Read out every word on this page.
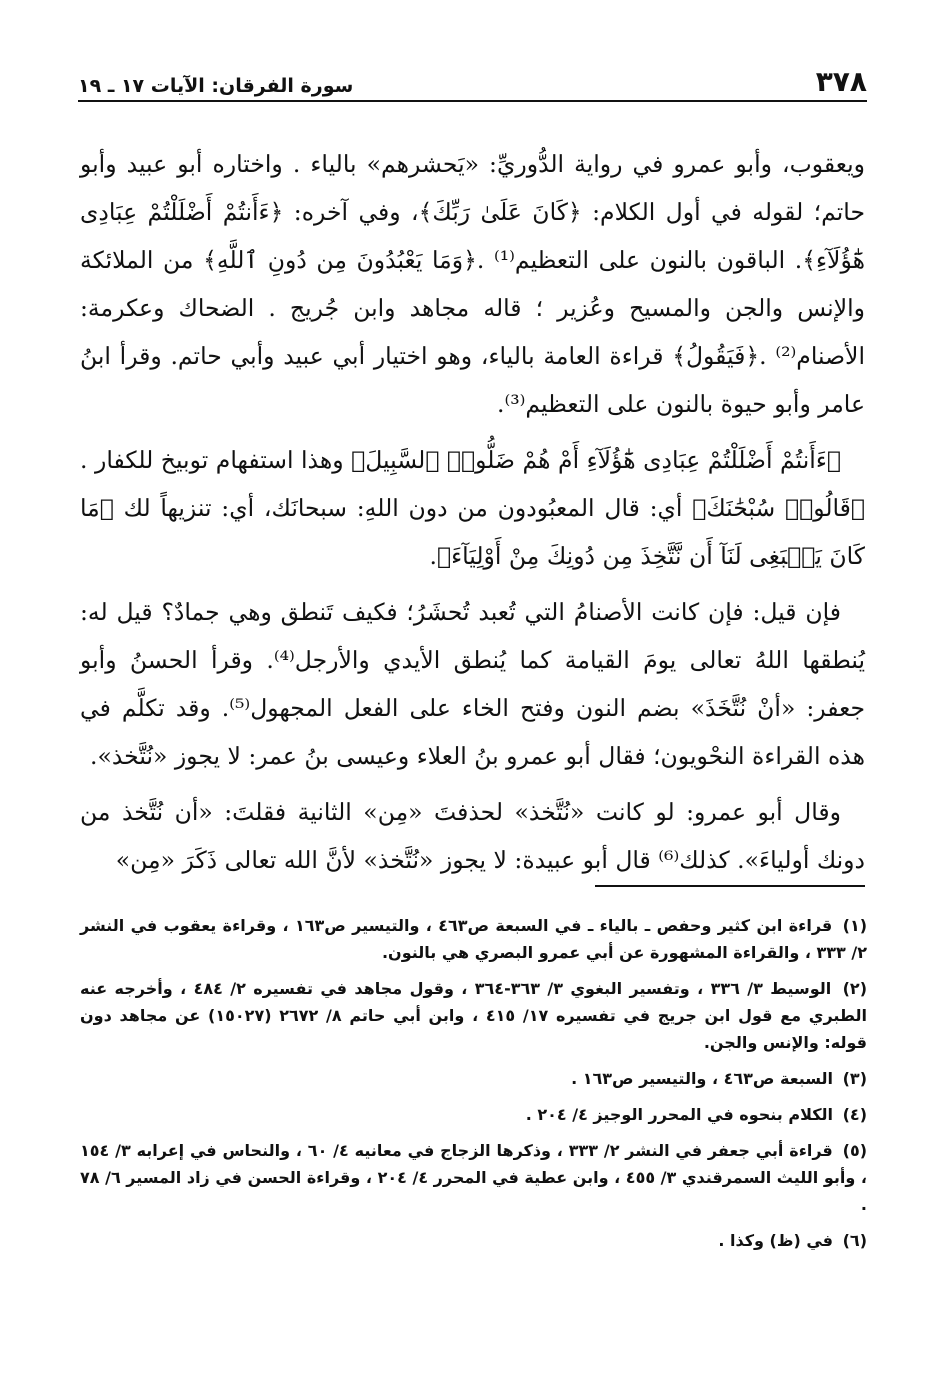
٣٧٨
سورة الفرقان: الآيات ١٧ ـ ١٩

ويعقوب، وأبو عمرو في رواية الدُّوريِّ: «يَحشرهم» بالياء . واختاره أبو عبيد وأبو حاتم؛ لقوله في أول الكلام: ﴿كَانَ عَلَىٰ رَبِّكَ﴾، وفي آخره: ﴿ءَأَنتُمْ أَضْلَلْتُمْ عِبَادِى هَٰٓؤُلَآءِ﴾. الباقون بالنون على التعظيم⁽¹⁾ .﴿وَمَا يَعْبُدُونَ مِن دُونِ ٱللَّهِ﴾ من الملائكة والإنس والجن والمسيح وعُزير ؛ قاله مجاهد وابن جُريج . الضحاك وعكرمة: الأصنام⁽²⁾ .﴿فَيَقُولُ﴾ قراءة العامة بالياء، وهو اختيار أبي عبيد وأبي حاتم. وقرأ ابنُ عامر وأبو حيوة بالنون على التعظيم⁽³⁾.

﴿ءَأَنتُمْ أَضْلَلْتُمْ عِبَادِى هَٰٓؤُلَآءِ أَمْ هُمْ ضَلُّوا۟ ٱلسَّبِيلَ﴾ وهذا استفهام توبيخ للكفار . ﴿قَالُوا۟ سُبْحَٰنَكَ﴾ أي: قال المعبُودون من دون اللهِ: سبحانَك، أي: تنزيهاً لك ﴿مَا كَانَ يَنۢبَغِى لَنَآ أَن نَّتَّخِذَ مِن دُونِكَ مِنْ أَوْلِيَآءَ﴾.

فإن قيل: فإن كانت الأصنامُ التي تُعبد تُحشَرُ؛ فكيف تَنطق وهي جمادٌ؟ قيل له: يُنطقها اللهُ تعالى يومَ القيامة كما يُنطق الأيدي والأرجل⁽⁴⁾. وقرأ الحسنُ وأبو جعفر: «أنْ نُتَّخَذَ» بضم النون وفتح الخاء على الفعل المجهول⁽⁵⁾. وقد تكلَّم في هذه القراءة النحْويون؛ فقال أبو عمرو بنُ العلاء وعيسى بنُ عمر: لا يجوز «نُتَّخذ».

وقال أبو عمرو: لو كانت «نُتَّخذ» لحذفتَ «مِن» الثانية فقلتَ: «أن نُتَّخذ من دونك أولياءَ». كذلك⁽⁶⁾ قال أبو عبيدة: لا يجوز «نُتَّخذ» لأنَّ الله تعالى ذَكَرَ «مِن»

(١) قراءة ابن كثير وحفص ـ بالياء ـ في السبعة ص٤٦٣ ، والتيسير ص١٦٣ ، وقراءة يعقوب في النشر ٢/ ٣٣٣ ، والقراءة المشهورة عن أبي عمرو البصري هي بالنون.
(٢) الوسيط ٣/ ٣٣٦ ، وتفسير البغوي ٣/ ٣٦٣-٣٦٤ ، وقول مجاهد في تفسيره ٢/ ٤٨٤ ، وأخرجه عنه الطبري مع قول ابن جريج في تفسيره ١٧/ ٤١٥ ، وابن أبي حاتم ٨/ ٢٦٧٢ (١٥٠٢٧) عن مجاهد دون قوله: والإنس والجن.
(٣) السبعة ص٤٦٣ ، والتيسير ص١٦٣ .
(٤) الكلام بنحوه في المحرر الوجيز ٤/ ٢٠٤ .
(٥) قراءة أبي جعفر في النشر ٢/ ٣٣٣ ، وذكرها الزجاج في معانيه ٤/ ٦٠ ، والنحاس في إعرابه ٣/ ١٥٤ ، وأبو الليث السمرقندي ٣/ ٤٥٥ ، وابن عطية في المحرر ٤/ ٢٠٤ ، وقراءة الحسن في زاد المسير ٦/ ٧٨ .
(٦) في (ظ) وكذا .
